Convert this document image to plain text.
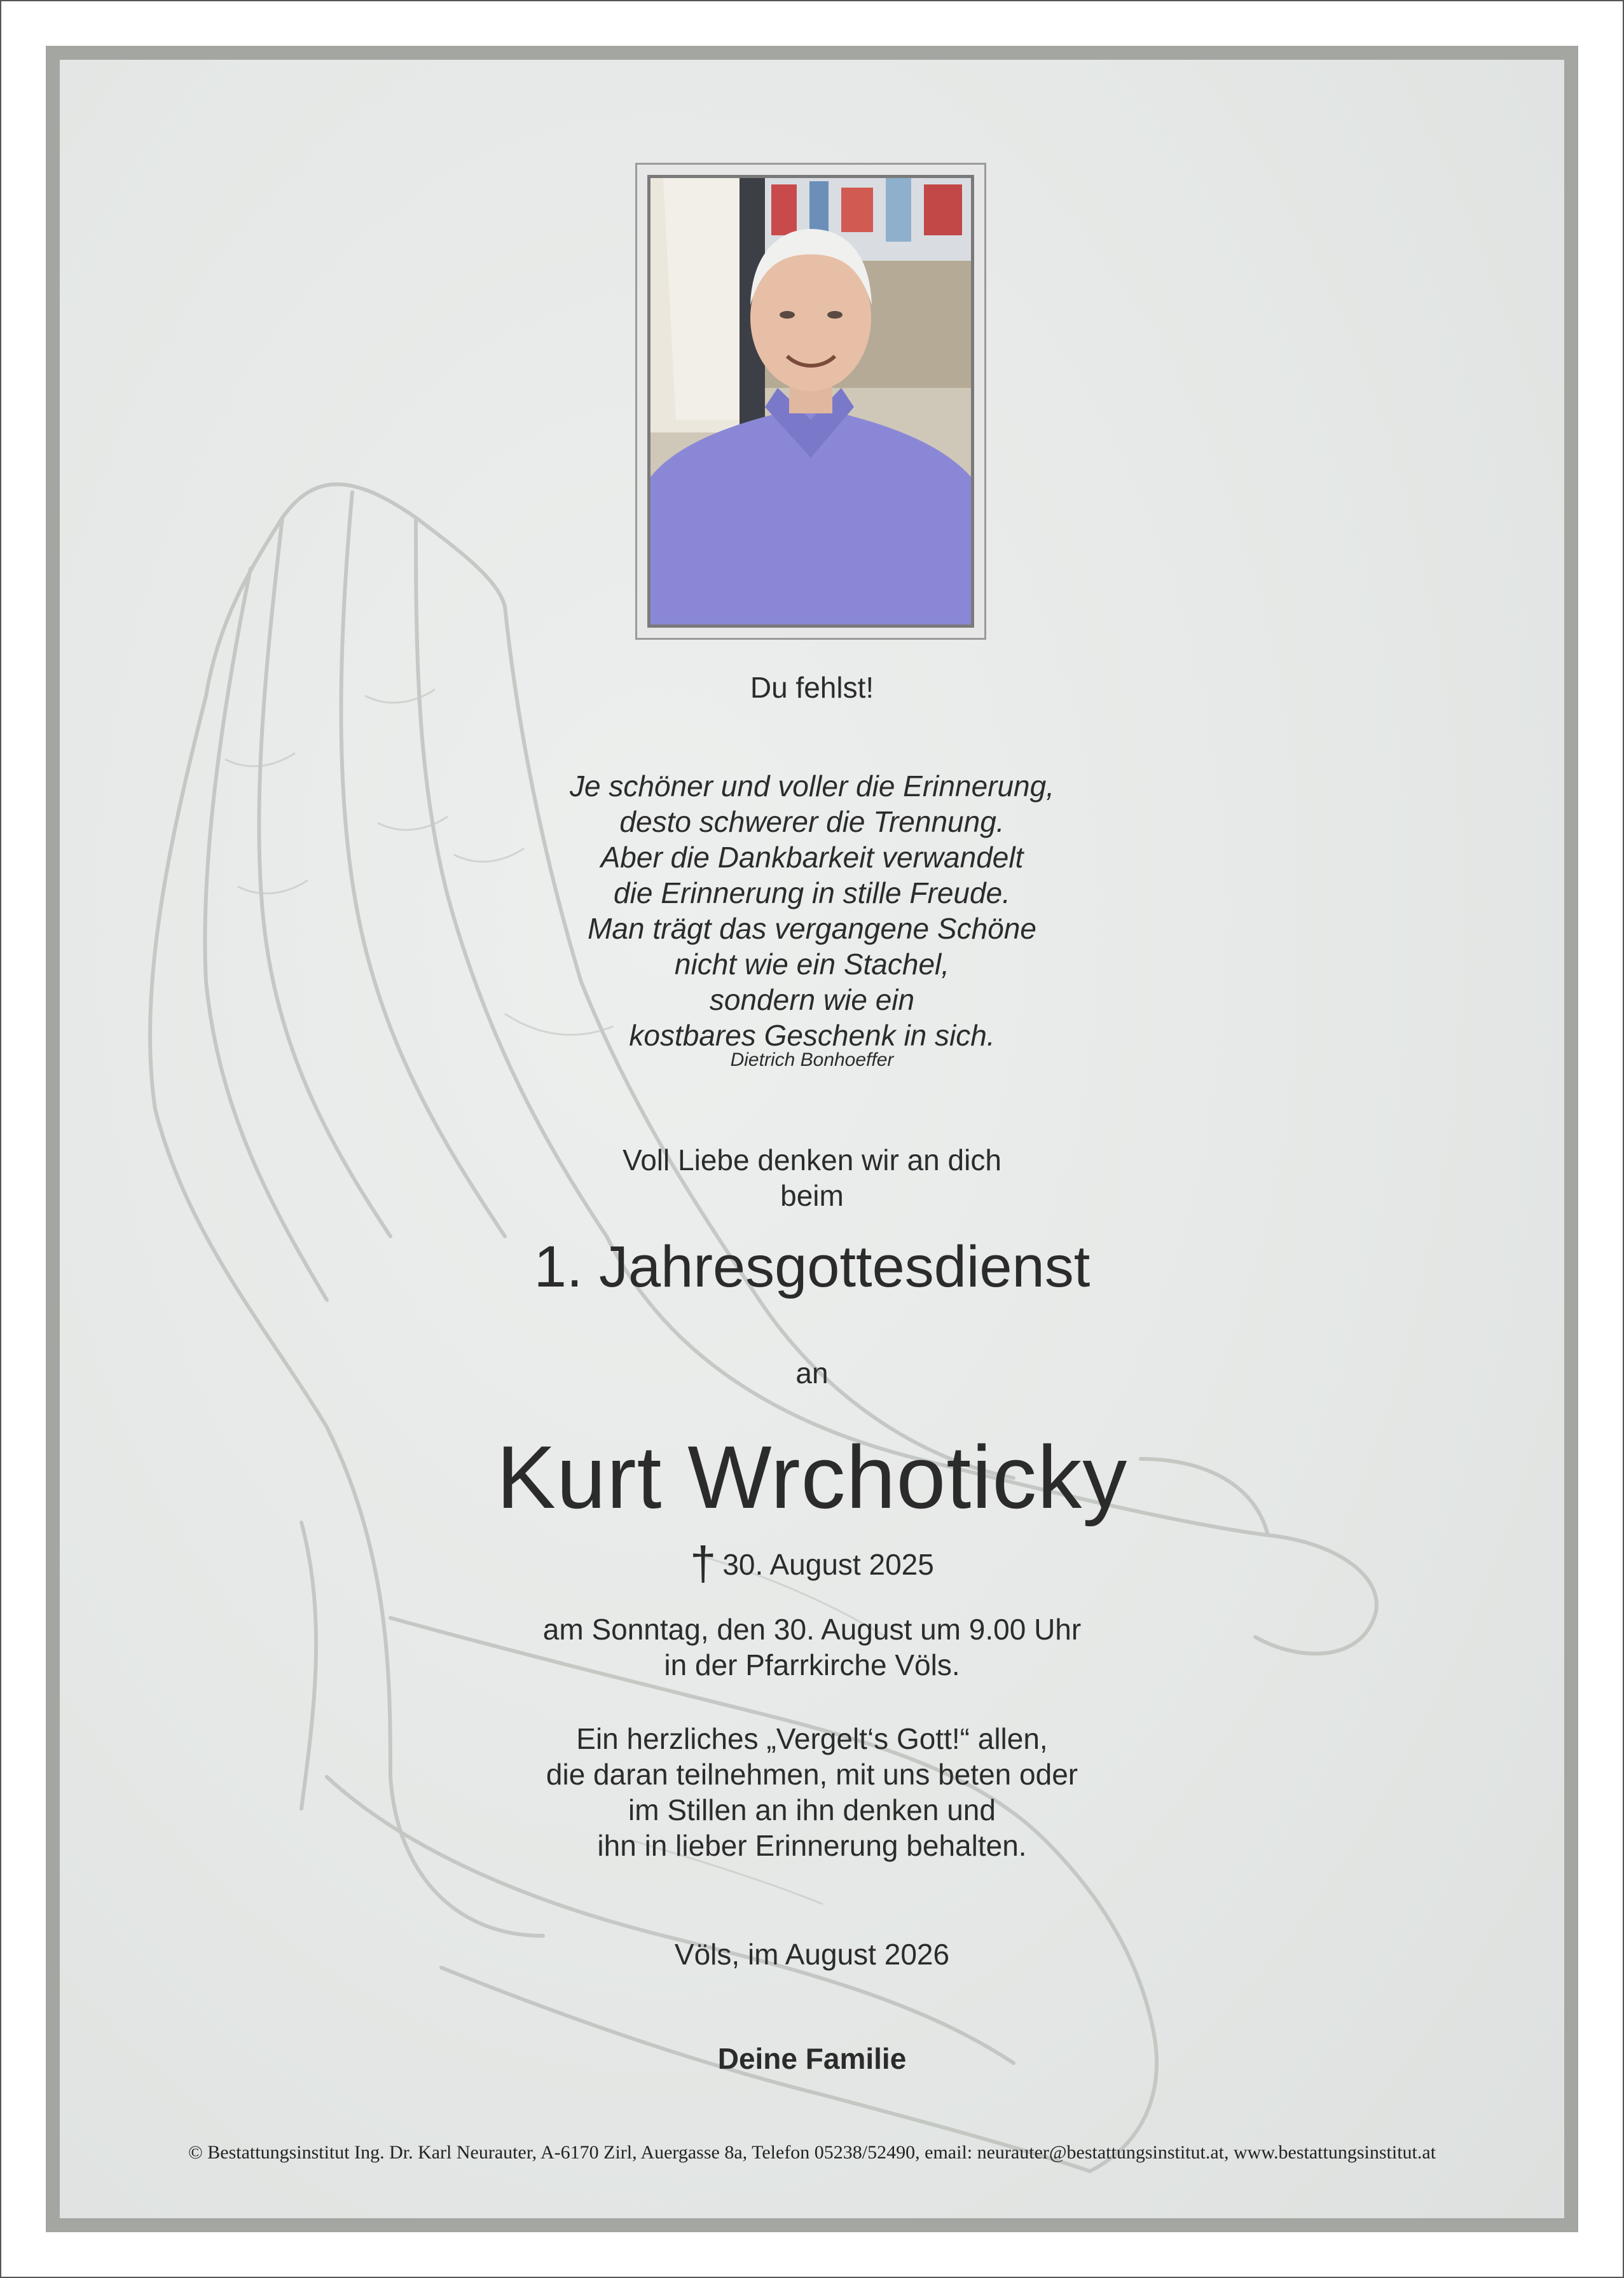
Du fehlst!
Je schöner und voller die Erinnerung,
desto schwerer die Trennung.
Aber die Dankbarkeit verwandelt
die Erinnerung in stille Freude.
Man trägt das vergangene Schöne
nicht wie ein Stachel,
sondern wie ein
kostbares Geschenk in sich.
Dietrich Bonhoeffer
Voll Liebe denken wir an dich
beim
1. Jahresgottesdienst
an
Kurt Wrchoticky
† 30. August 2025
am Sonntag, den 30. August um 9.00 Uhr
in der Pfarrkirche Völs.
Ein herzliches „Vergelt‘s Gott!“ allen,
die daran teilnehmen, mit uns beten oder
im Stillen an ihn denken und
ihn in lieber Erinnerung behalten.
Völs, im August 2026
Deine Familie
© Bestattungsinstitut Ing. Dr. Karl Neurauter, A-6170 Zirl, Auergasse 8a, Telefon 05238/52490, email: neurauter@bestattungsinstitut.at, www.bestattungsinstitut.at
